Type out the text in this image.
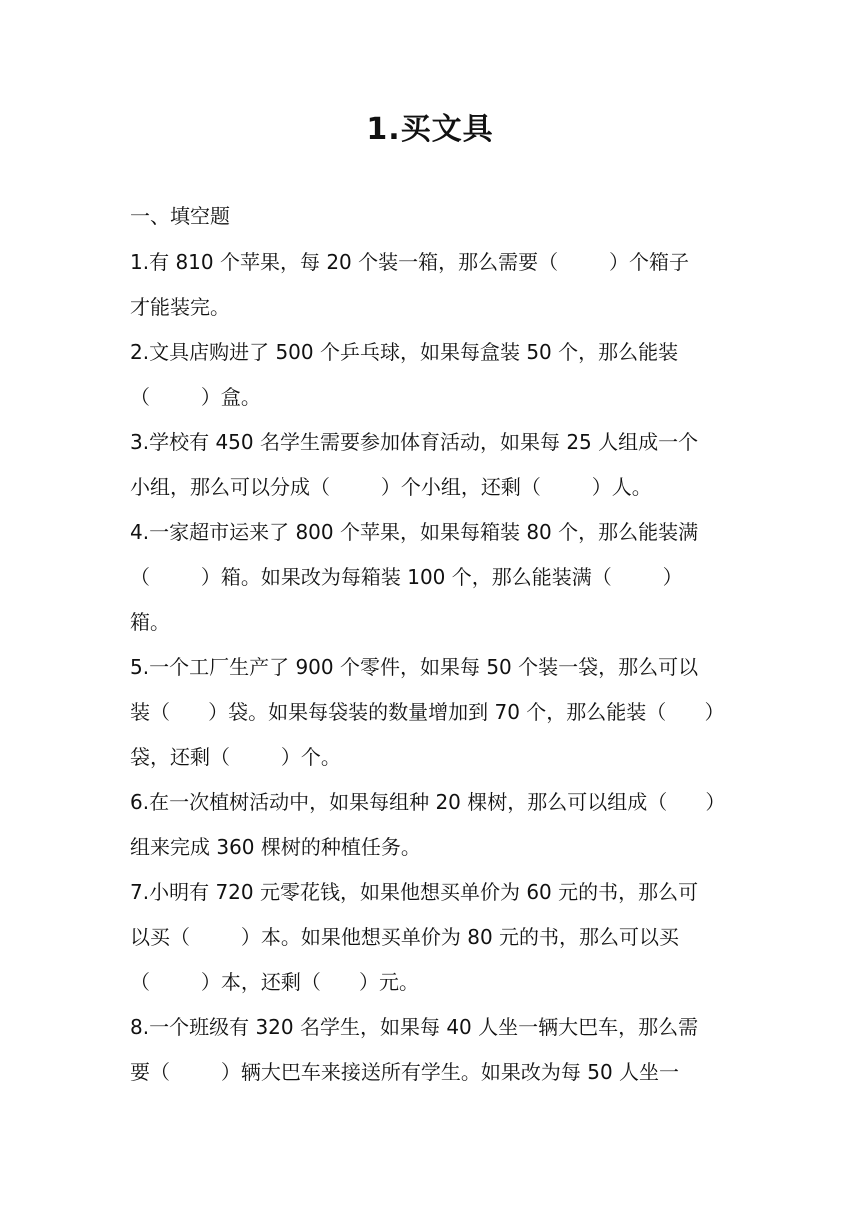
1.买文具
一、填空题
1.有 810 个苹果，每 20 个装一箱，那么需要（        ）个箱子
才能装完。
2.文具店购进了 500 个乒乓球，如果每盒装 50 个，那么能装
（        ）盒。
3.学校有 450 名学生需要参加体育活动，如果每 25 人组成一个
小组，那么可以分成（        ）个小组，还剩（        ）人。
4.一家超市运来了 800 个苹果，如果每箱装 80 个，那么能装满
（        ）箱。如果改为每箱装 100 个，那么能装满（        ）
箱。
5.一个工厂生产了 900 个零件，如果每 50 个装一袋，那么可以
装（      ）袋。如果每袋装的数量增加到 70 个，那么能装（      ）
袋，还剩（        ）个。
6.在一次植树活动中，如果每组种 20 棵树，那么可以组成（      ）
组来完成 360 棵树的种植任务。
7.小明有 720 元零花钱，如果他想买单价为 60 元的书，那么可
以买（        ）本。如果他想买单价为 80 元的书，那么可以买
（        ）本，还剩（      ）元。
8.一个班级有 320 名学生，如果每 40 人坐一辆大巴车，那么需
要（        ）辆大巴车来接送所有学生。如果改为每 50 人坐一
